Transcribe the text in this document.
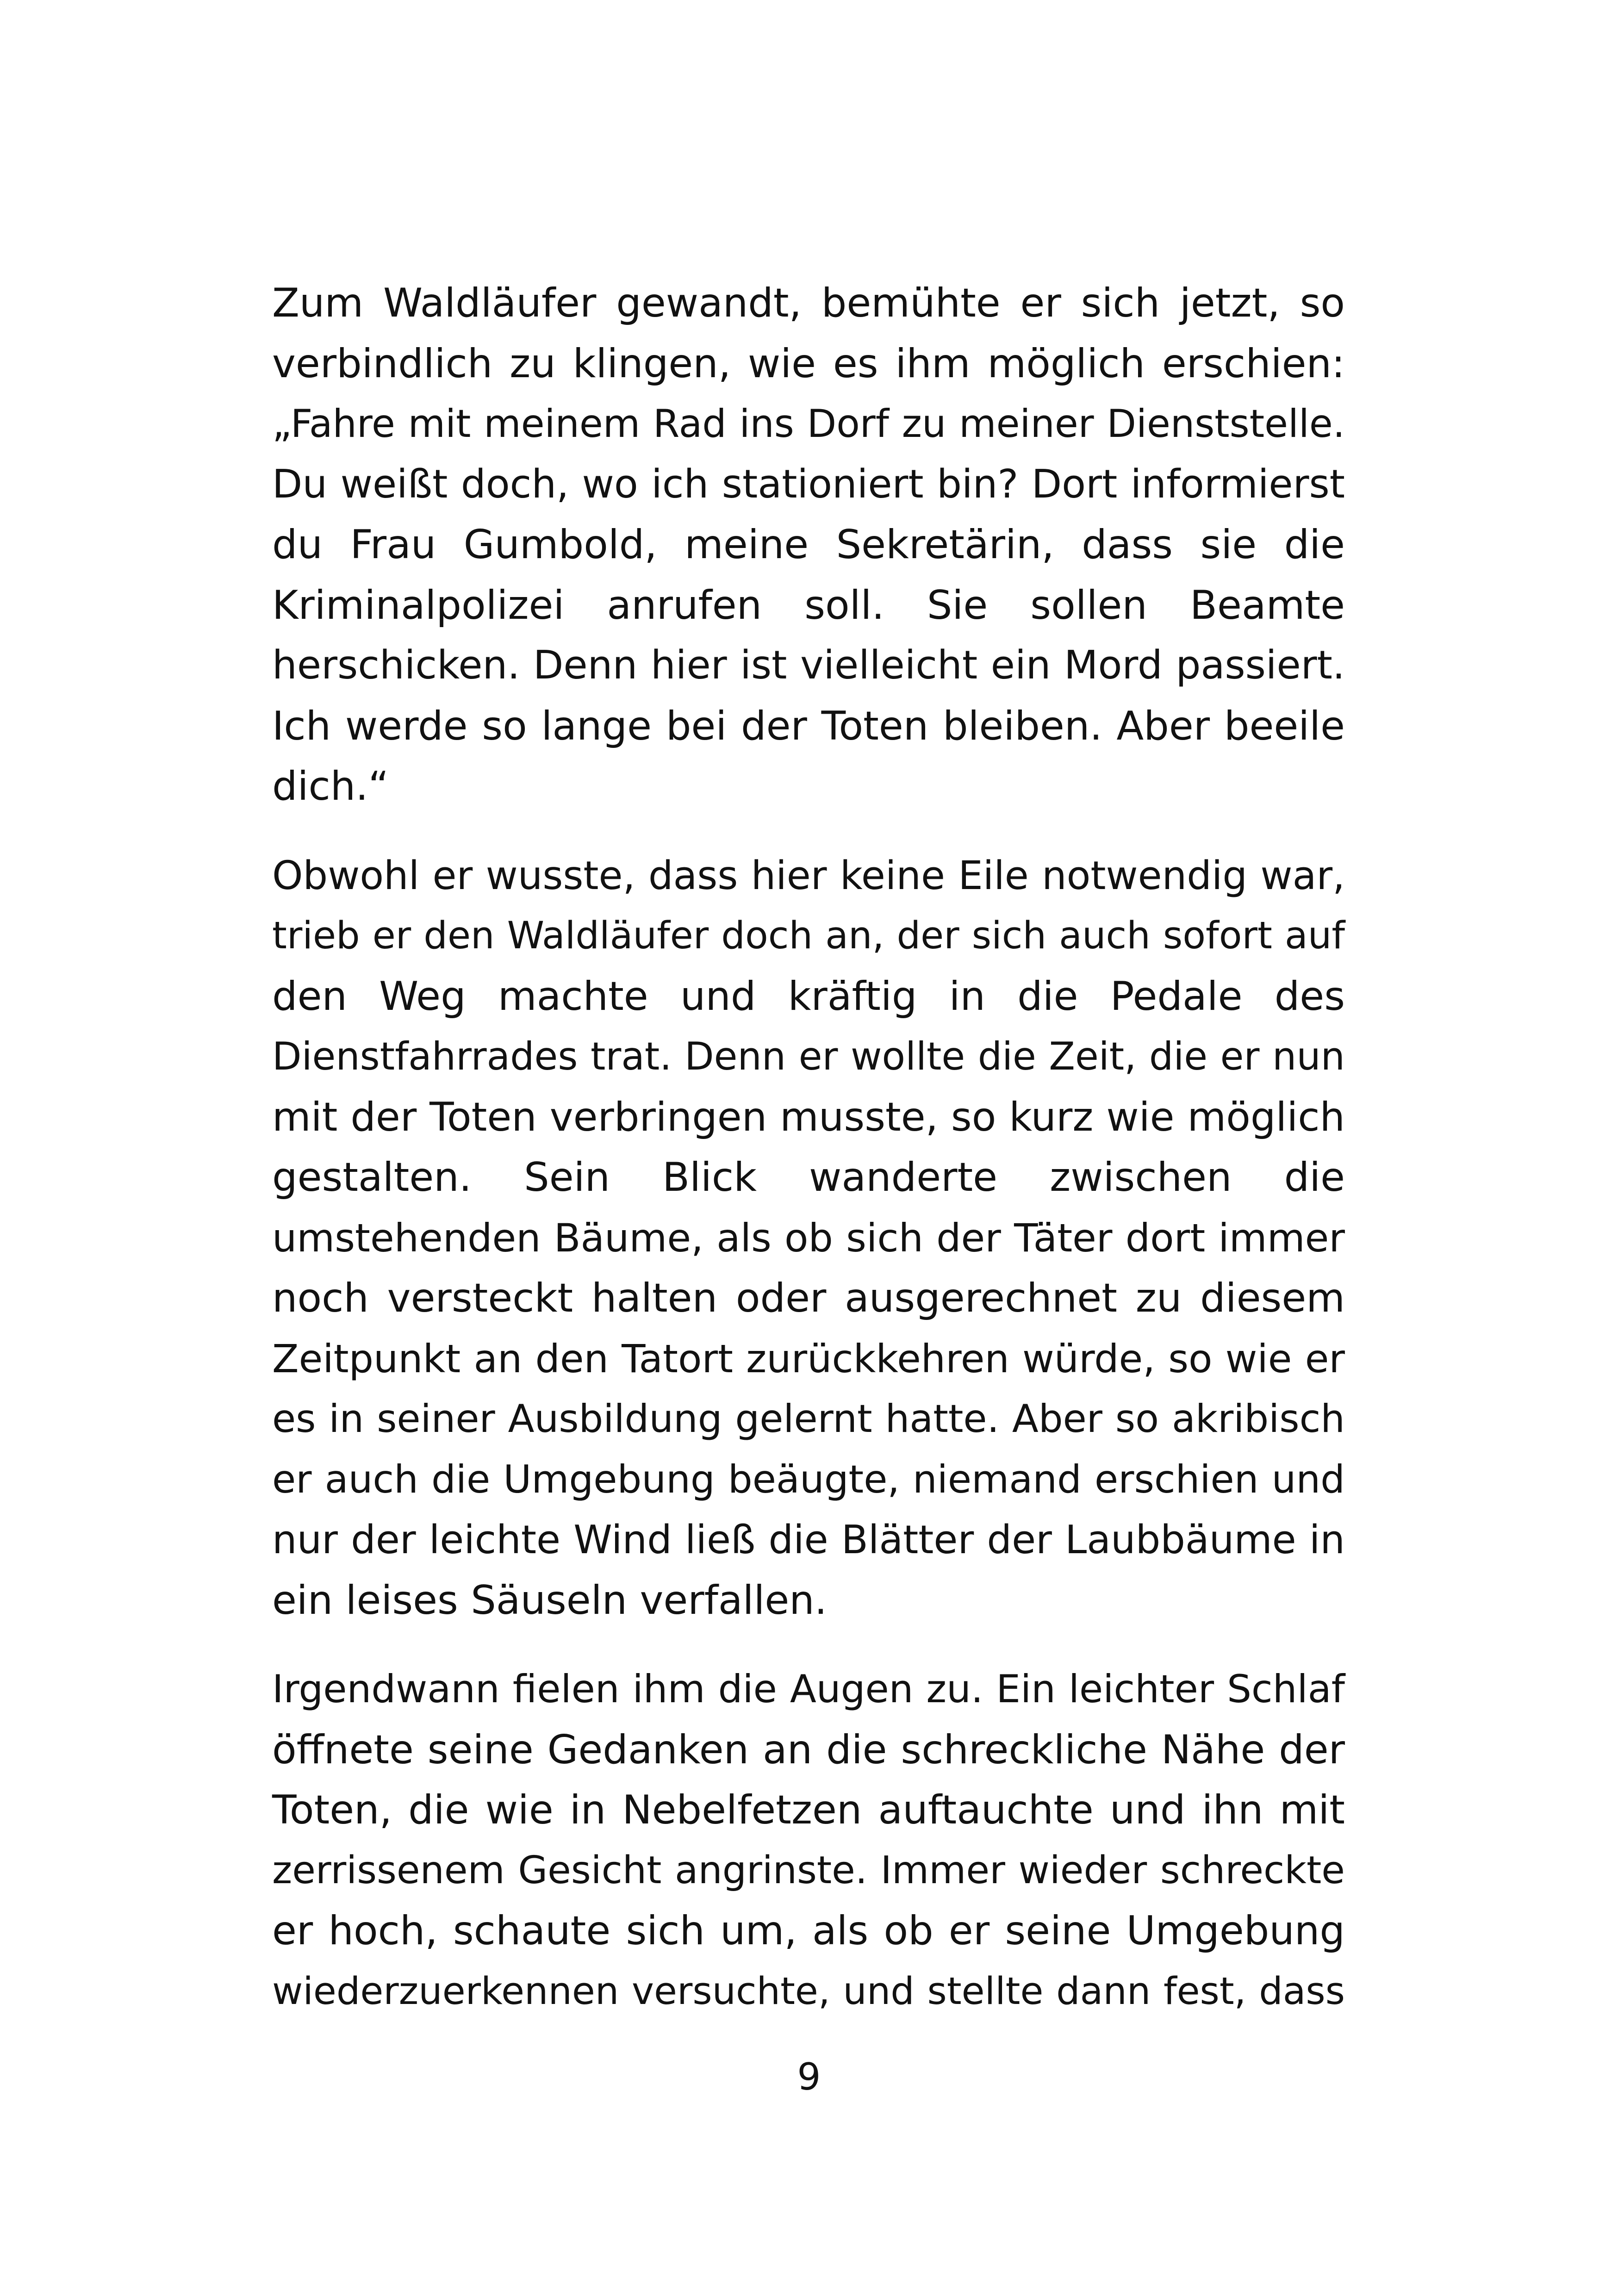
Zum Waldläufer gewandt, bemühte er sich jetzt, so
verbindlich zu klingen, wie es ihm möglich erschien:
„Fahre mit meinem Rad ins Dorf zu meiner Dienststelle.
Du weißt doch, wo ich stationiert bin? Dort informierst
du Frau Gumbold, meine Sekretärin, dass sie die
Kriminalpolizei anrufen soll. Sie sollen Beamte
herschicken. Denn hier ist vielleicht ein Mord passiert.
Ich werde so lange bei der Toten bleiben. Aber beeile
dich.“

Obwohl er wusste, dass hier keine Eile notwendig war,
trieb er den Waldläufer doch an, der sich auch sofort auf
den Weg machte und kräftig in die Pedale des
Dienstfahrrades trat. Denn er wollte die Zeit, die er nun
mit der Toten verbringen musste, so kurz wie möglich
gestalten. Sein Blick wanderte zwischen die
umstehenden Bäume, als ob sich der Täter dort immer
noch versteckt halten oder ausgerechnet zu diesem
Zeitpunkt an den Tatort zurückkehren würde, so wie er
es in seiner Ausbildung gelernt hatte. Aber so akribisch
er auch die Umgebung beäugte, niemand erschien und
nur der leichte Wind ließ die Blätter der Laubbäume in
ein leises Säuseln verfallen.

Irgendwann fielen ihm die Augen zu. Ein leichter Schlaf
öffnete seine Gedanken an die schreckliche Nähe der
Toten, die wie in Nebelfetzen auftauchte und ihn mit
zerrissenem Gesicht angrinste. Immer wieder schreckte
er hoch, schaute sich um, als ob er seine Umgebung
wiederzuerkennen versuchte, und stellte dann fest, dass

9
